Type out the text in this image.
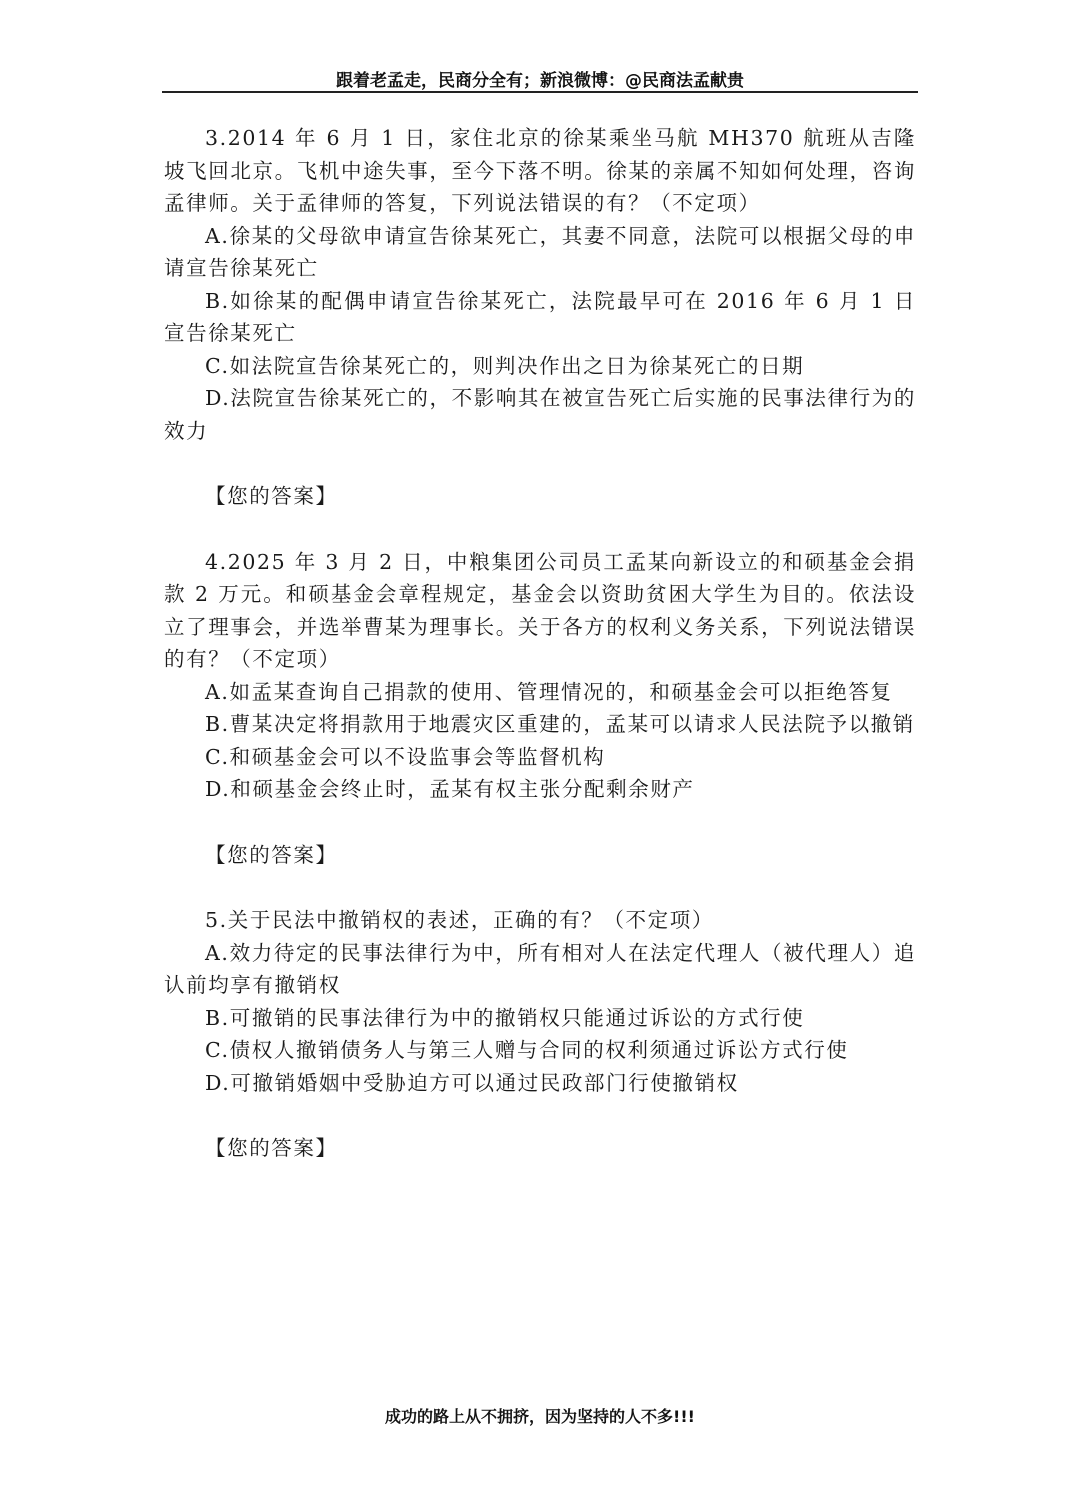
跟着老孟走，民商分全有；新浪微博：@民商法孟献贵

3.2014 年 6 月 1 日，家住北京的徐某乘坐马航 MH370 航班从吉隆坡飞回北京。飞机中途失事，至今下落不明。徐某的亲属不知如何处理，咨询孟律师。关于孟律师的答复，下列说法错误的有？（不定项）

A.徐某的父母欲申请宣告徐某死亡，其妻不同意，法院可以根据父母的申请宣告徐某死亡

B.如徐某的配偶申请宣告徐某死亡，法院最早可在 2016 年 6 月 1 日宣告徐某死亡

C.如法院宣告徐某死亡的，则判决作出之日为徐某死亡的日期

D.法院宣告徐某死亡的，不影响其在被宣告死亡后实施的民事法律行为的效力

【您的答案】

4.2025 年 3 月 2 日，中粮集团公司员工孟某向新设立的和硕基金会捐款 2 万元。和硕基金会章程规定，基金会以资助贫困大学生为目的。依法设立了理事会，并选举曹某为理事长。关于各方的权利义务关系，下列说法错误的有？（不定项）

A.如孟某查询自己捐款的使用、管理情况的，和硕基金会可以拒绝答复

B.曹某决定将捐款用于地震灾区重建的，孟某可以请求人民法院予以撤销

C.和硕基金会可以不设监事会等监督机构

D.和硕基金会终止时，孟某有权主张分配剩余财产

【您的答案】

5.关于民法中撤销权的表述，正确的有？（不定项）

A.效力待定的民事法律行为中，所有相对人在法定代理人（被代理人）追认前均享有撤销权

B.可撤销的民事法律行为中的撤销权只能通过诉讼的方式行使

C.债权人撤销债务人与第三人赠与合同的权利须通过诉讼方式行使

D.可撤销婚姻中受胁迫方可以通过民政部门行使撤销权

【您的答案】

成功的路上从不拥挤，因为坚持的人不多!!!
